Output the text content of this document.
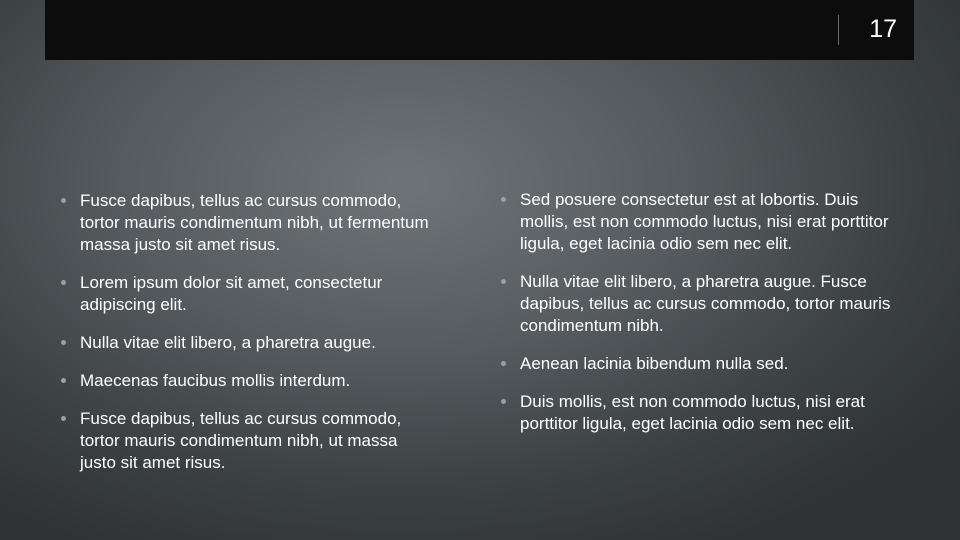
17
Fusce dapibus, tellus ac cursus commodo, tortor mauris condimentum nibh, ut fermentum massa justo sit amet risus.
Lorem ipsum dolor sit amet, consectetur adipiscing elit.
Nulla vitae elit libero, a pharetra augue.
Maecenas faucibus mollis interdum.
Fusce dapibus, tellus ac cursus commodo, tortor mauris condimentum nibh, ut massa justo sit amet risus.
Sed posuere consectetur est at lobortis. Duis mollis, est non commodo luctus, nisi erat porttitor ligula, eget lacinia odio sem nec elit.
Nulla vitae elit libero, a pharetra augue. Fusce dapibus, tellus ac cursus commodo, tortor mauris condimentum nibh.
Aenean lacinia bibendum nulla sed.
Duis mollis, est non commodo luctus, nisi erat porttitor ligula, eget lacinia odio sem nec elit.
